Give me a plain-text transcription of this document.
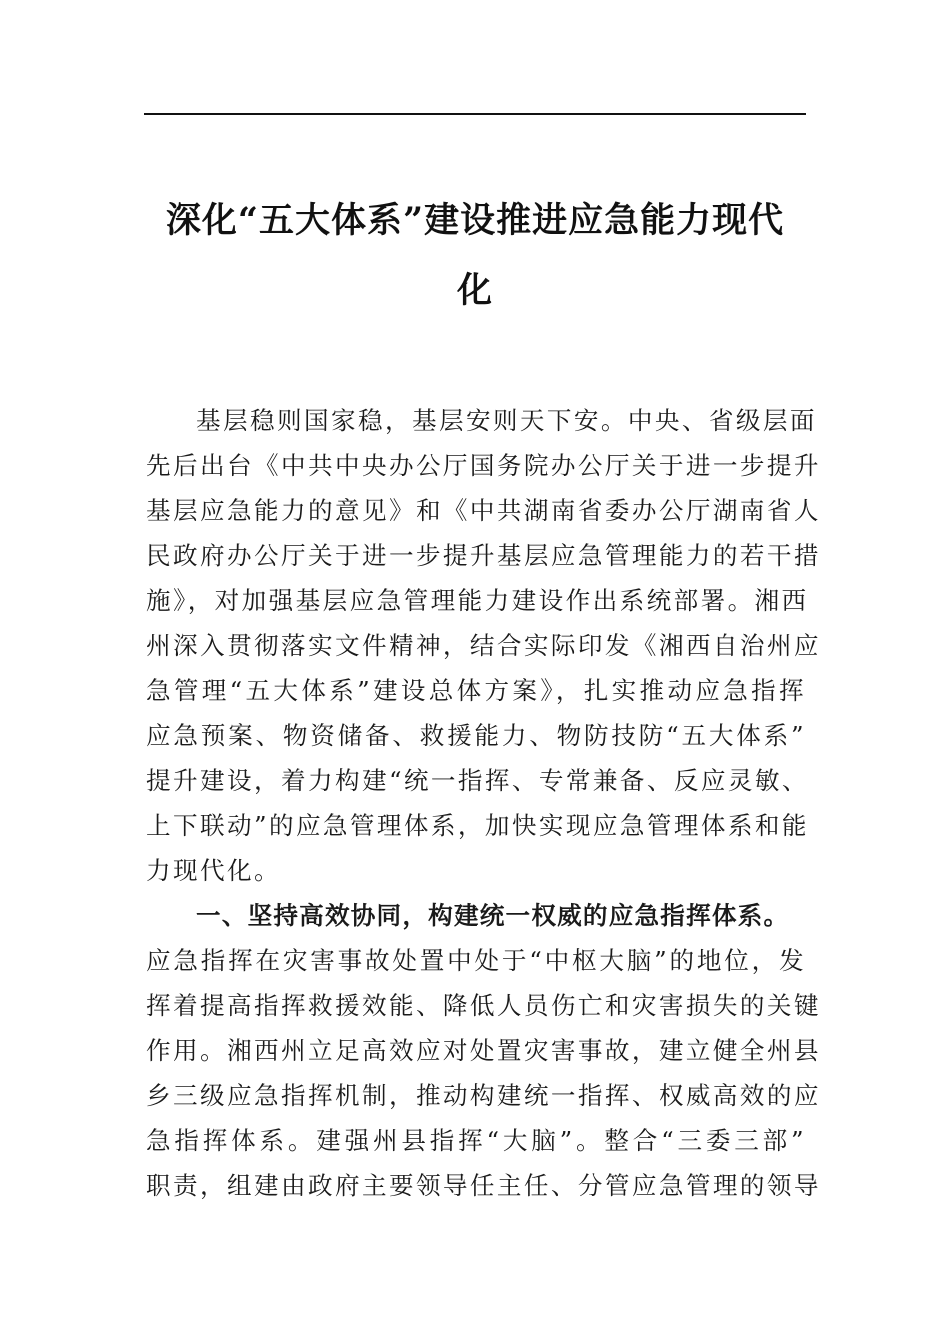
深化“五大体系”建设推进应急能力现代
化
基层稳则国家稳，基层安则天下安。中央、省级层面
先后出台《中共中央办公厅国务院办公厅关于进一步提升
基层应急能力的意见》和《中共湖南省委办公厅湖南省人
民政府办公厅关于进一步提升基层应急管理能力的若干措
施》，对加强基层应急管理能力建设作出系统部署。湘西
州深入贯彻落实文件精神，结合实际印发《湘西自治州应
急管理“五大体系”建设总体方案》，扎实推动应急指挥
应急预案、物资储备、救援能力、物防技防“五大体系”
提升建设，着力构建“统一指挥、专常兼备、反应灵敏、
上下联动”的应急管理体系，加快实现应急管理体系和能
力现代化。
一、坚持高效协同，构建统一权威的应急指挥体系。
应急指挥在灾害事故处置中处于“中枢大脑”的地位，发
挥着提高指挥救援效能、降低人员伤亡和灾害损失的关键
作用。湘西州立足高效应对处置灾害事故，建立健全州县
乡三级应急指挥机制，推动构建统一指挥、权威高效的应
急指挥体系。建强州县指挥“大脑”。整合“三委三部”
职责，组建由政府主要领导任主任、分管应急管理的领导
